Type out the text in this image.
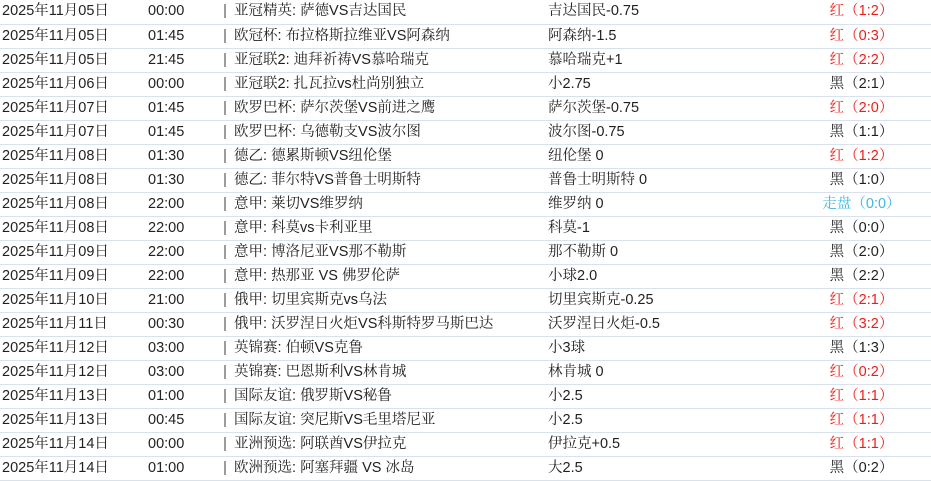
2025年11月05日	00:00	|	亚冠精英: 萨德VS吉达国民	吉达国民-0.75	红（1:2）
2025年11月05日	01:45	|	欧冠杯: 布拉格斯拉维亚VS阿森纳	阿森纳-1.5	红（0:3）
2025年11月05日	21:45	|	亚冠联2: 迪拜祈祷VS慕哈瑞克	慕哈瑞克+1	红（2:2）
2025年11月06日	00:00	|	亚冠联2: 扎瓦拉vs杜尚别独立	小2.75	黑（2:1）
2025年11月07日	01:45	|	欧罗巴杯: 萨尔茨堡VS前进之鹰	萨尔茨堡-0.75	红（2:0）
2025年11月07日	01:45	|	欧罗巴杯: 乌德勒支VS波尔图	波尔图-0.75	黑（1:1）
2025年11月08日	01:30	|	德乙: 德累斯顿VS纽伦堡	纽伦堡 0	红（1:2）
2025年11月08日	01:30	|	德乙: 菲尔特VS普鲁士明斯特	普鲁士明斯特 0	黑（1:0）
2025年11月08日	22:00	|	意甲: 莱切VS维罗纳	维罗纳 0	走盘（0:0）
2025年11月08日	22:00	|	意甲: 科莫vs卡利亚里	科莫-1	黑（0:0）
2025年11月09日	22:00	|	意甲: 博洛尼亚VS那不勒斯	那不勒斯 0	黑（2:0）
2025年11月09日	22:00	|	意甲: 热那亚 VS 佛罗伦萨	小球2.0	黑（2:2）
2025年11月10日	21:00	|	俄甲: 切里宾斯克vs乌法	切里宾斯克-0.25	红（2:1）
2025年11月11日	00:30	|	俄甲: 沃罗涅日火炬VS科斯特罗马斯巴达	沃罗涅日火炬-0.5	红（3:2）
2025年11月12日	03:00	|	英锦赛: 伯顿VS克鲁	小3球	黑（1:3）
2025年11月12日	03:00	|	英锦赛: 巴恩斯利VS林肯城	林肯城 0	红（0:2）
2025年11月13日	01:00	|	国际友谊: 俄罗斯VS秘鲁	小2.5	红（1:1）
2025年11月13日	00:45	|	国际友谊: 突尼斯VS毛里塔尼亚	小2.5	红（1:1）
2025年11月14日	00:00	|	亚洲预选: 阿联酋VS伊拉克	伊拉克+0.5	红（1:1）
2025年11月14日	01:00	|	欧洲预选: 阿塞拜疆 VS 冰岛	大2.5	黑（0:2）
